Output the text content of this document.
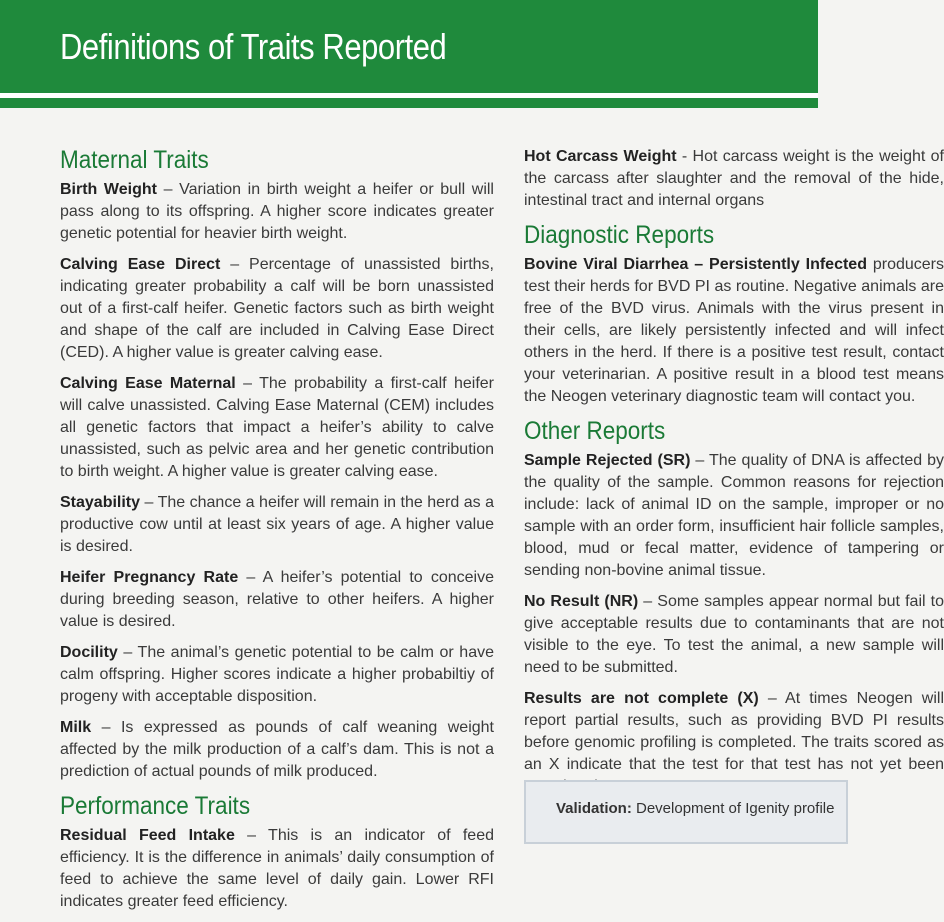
Definitions of Traits Reported
Maternal Traits

Birth Weight – Variation in birth weight a heifer or bull will pass along to its offspring. A higher score indicates greater genetic potential for heavier birth weight.

Calving Ease Direct – Percentage of unassisted births, indicating greater probability a calf will be born unassisted out of a first-calf heifer. Genetic factors such as birth weight and shape of the calf are included in Calving Ease Direct (CED). A higher value is greater calving ease.

Calving Ease Maternal – The probability a first-calf heifer will calve unassisted. Calving Ease Maternal (CEM) includes all genetic factors that impact a heifer’s ability to calve unassisted, such as pelvic area and her genetic contribution to birth weight. A higher value is greater calving ease.

Stayability – The chance a heifer will remain in the herd as a productive cow until at least six years of age. A higher value is desired.

Heifer Pregnancy Rate – A heifer’s potential to conceive during breeding season, relative to other heifers. A higher value is desired.

Docility – The animal’s genetic potential to be calm or have calm offspring. Higher scores indicate a higher probabiltiy of progeny with acceptable disposition.

Milk – Is expressed as pounds of calf weaning weight affected by the milk production of a calf’s dam. This is not a prediction of actual pounds of milk produced.

Performance Traits

Residual Feed Intake – This is an indicator of feed efficiency. It is the difference in animals’ daily consumption of feed to achieve the same level of daily gain. Lower RFI indicates greater feed efficiency.

Hot Carcass Weight - Hot carcass weight is the weight of the carcass after slaughter and the removal of the hide, intestinal tract and internal organs

Diagnostic Reports

Bovine Viral Diarrhea – Persistently Infected producers test their herds for BVD PI as routine. Negative animals are free of the BVD virus. Animals with the virus present in their cells, are likely persistently infected and will infect others in the herd. If there is a positive test result, contact your veterinarian. A positive result in a blood test means the Neogen veterinary diagnostic team will contact you.

Other Reports

Sample Rejected (SR) – The quality of DNA is affected by the quality of the sample. Common reasons for rejection include: lack of animal ID on the sample, improper or no sample with an order form, insufficient hair follicle samples, blood, mud or fecal matter, evidence of tampering or sending non-bovine animal tissue.

No Result (NR) – Some samples appear normal but fail to give acceptable results due to contaminants that are not visible to the eye. To test the animal, a new sample will need to be submitted.

Results are not complete (X) – At times Neogen will report partial results, such as providing BVD PI results before genomic profiling is completed. The traits scored as an X indicate that the test for that test has not yet been

Validation: Development of Igenity profile
